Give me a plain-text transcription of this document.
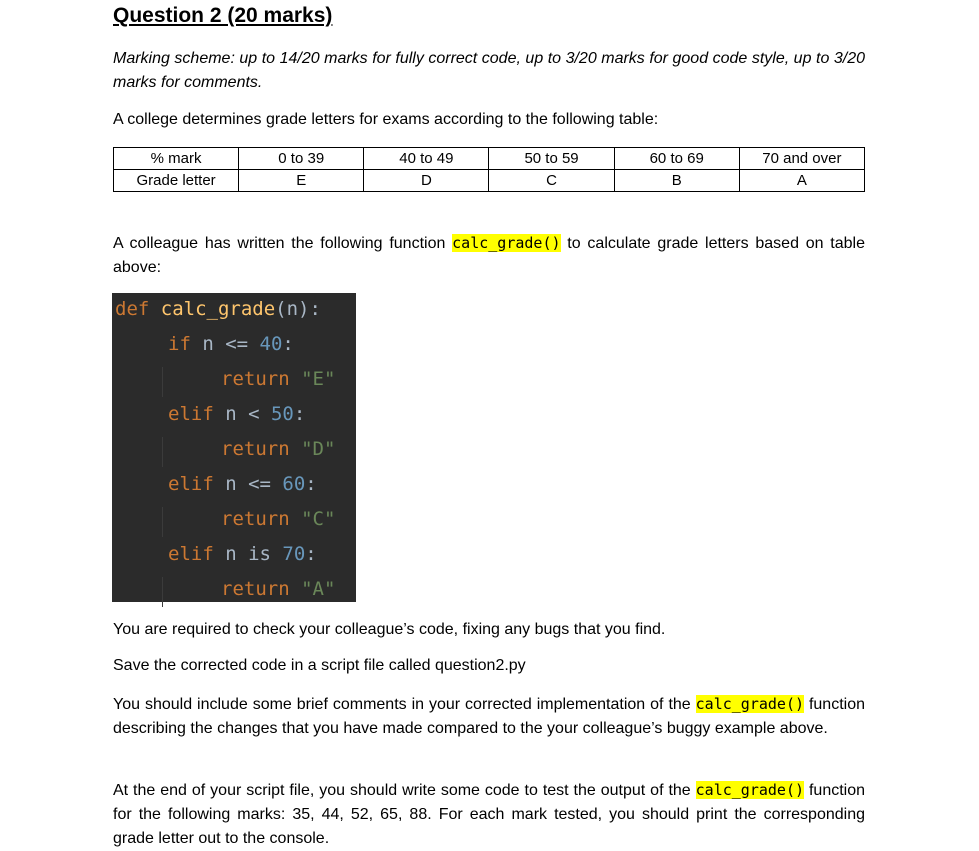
Question 2 (20 marks)

Marking scheme: up to 14/20 marks for fully correct code, up to 3/20 marks for good code style, up to 3/20 marks for comments.

A college determines grade letters for exams according to the following table:

% mark	0 to 39	40 to 49	50 to 59	60 to 69	70 and over
Grade letter	E	D	C	B	A

A colleague has written the following function calc_grade() to calculate grade letters based on table above:

def calc_grade(n):
if n <= 40:
return "E"
elif n < 50:
return "D"
elif n <= 60:
return "C"
elif n is 70:
return "A"

You are required to check your colleague’s code, fixing any bugs that you find.

Save the corrected code in a script file called question2.py

You should include some brief comments in your corrected implementation of the calc_grade() function describing the changes that you have made compared to the your colleague’s buggy example above.

At the end of your script file, you should write some code to test the output of the calc_grade() function for the following marks: 35, 44, 52, 65, 88. For each mark tested, you should print the corresponding grade letter out to the console.
